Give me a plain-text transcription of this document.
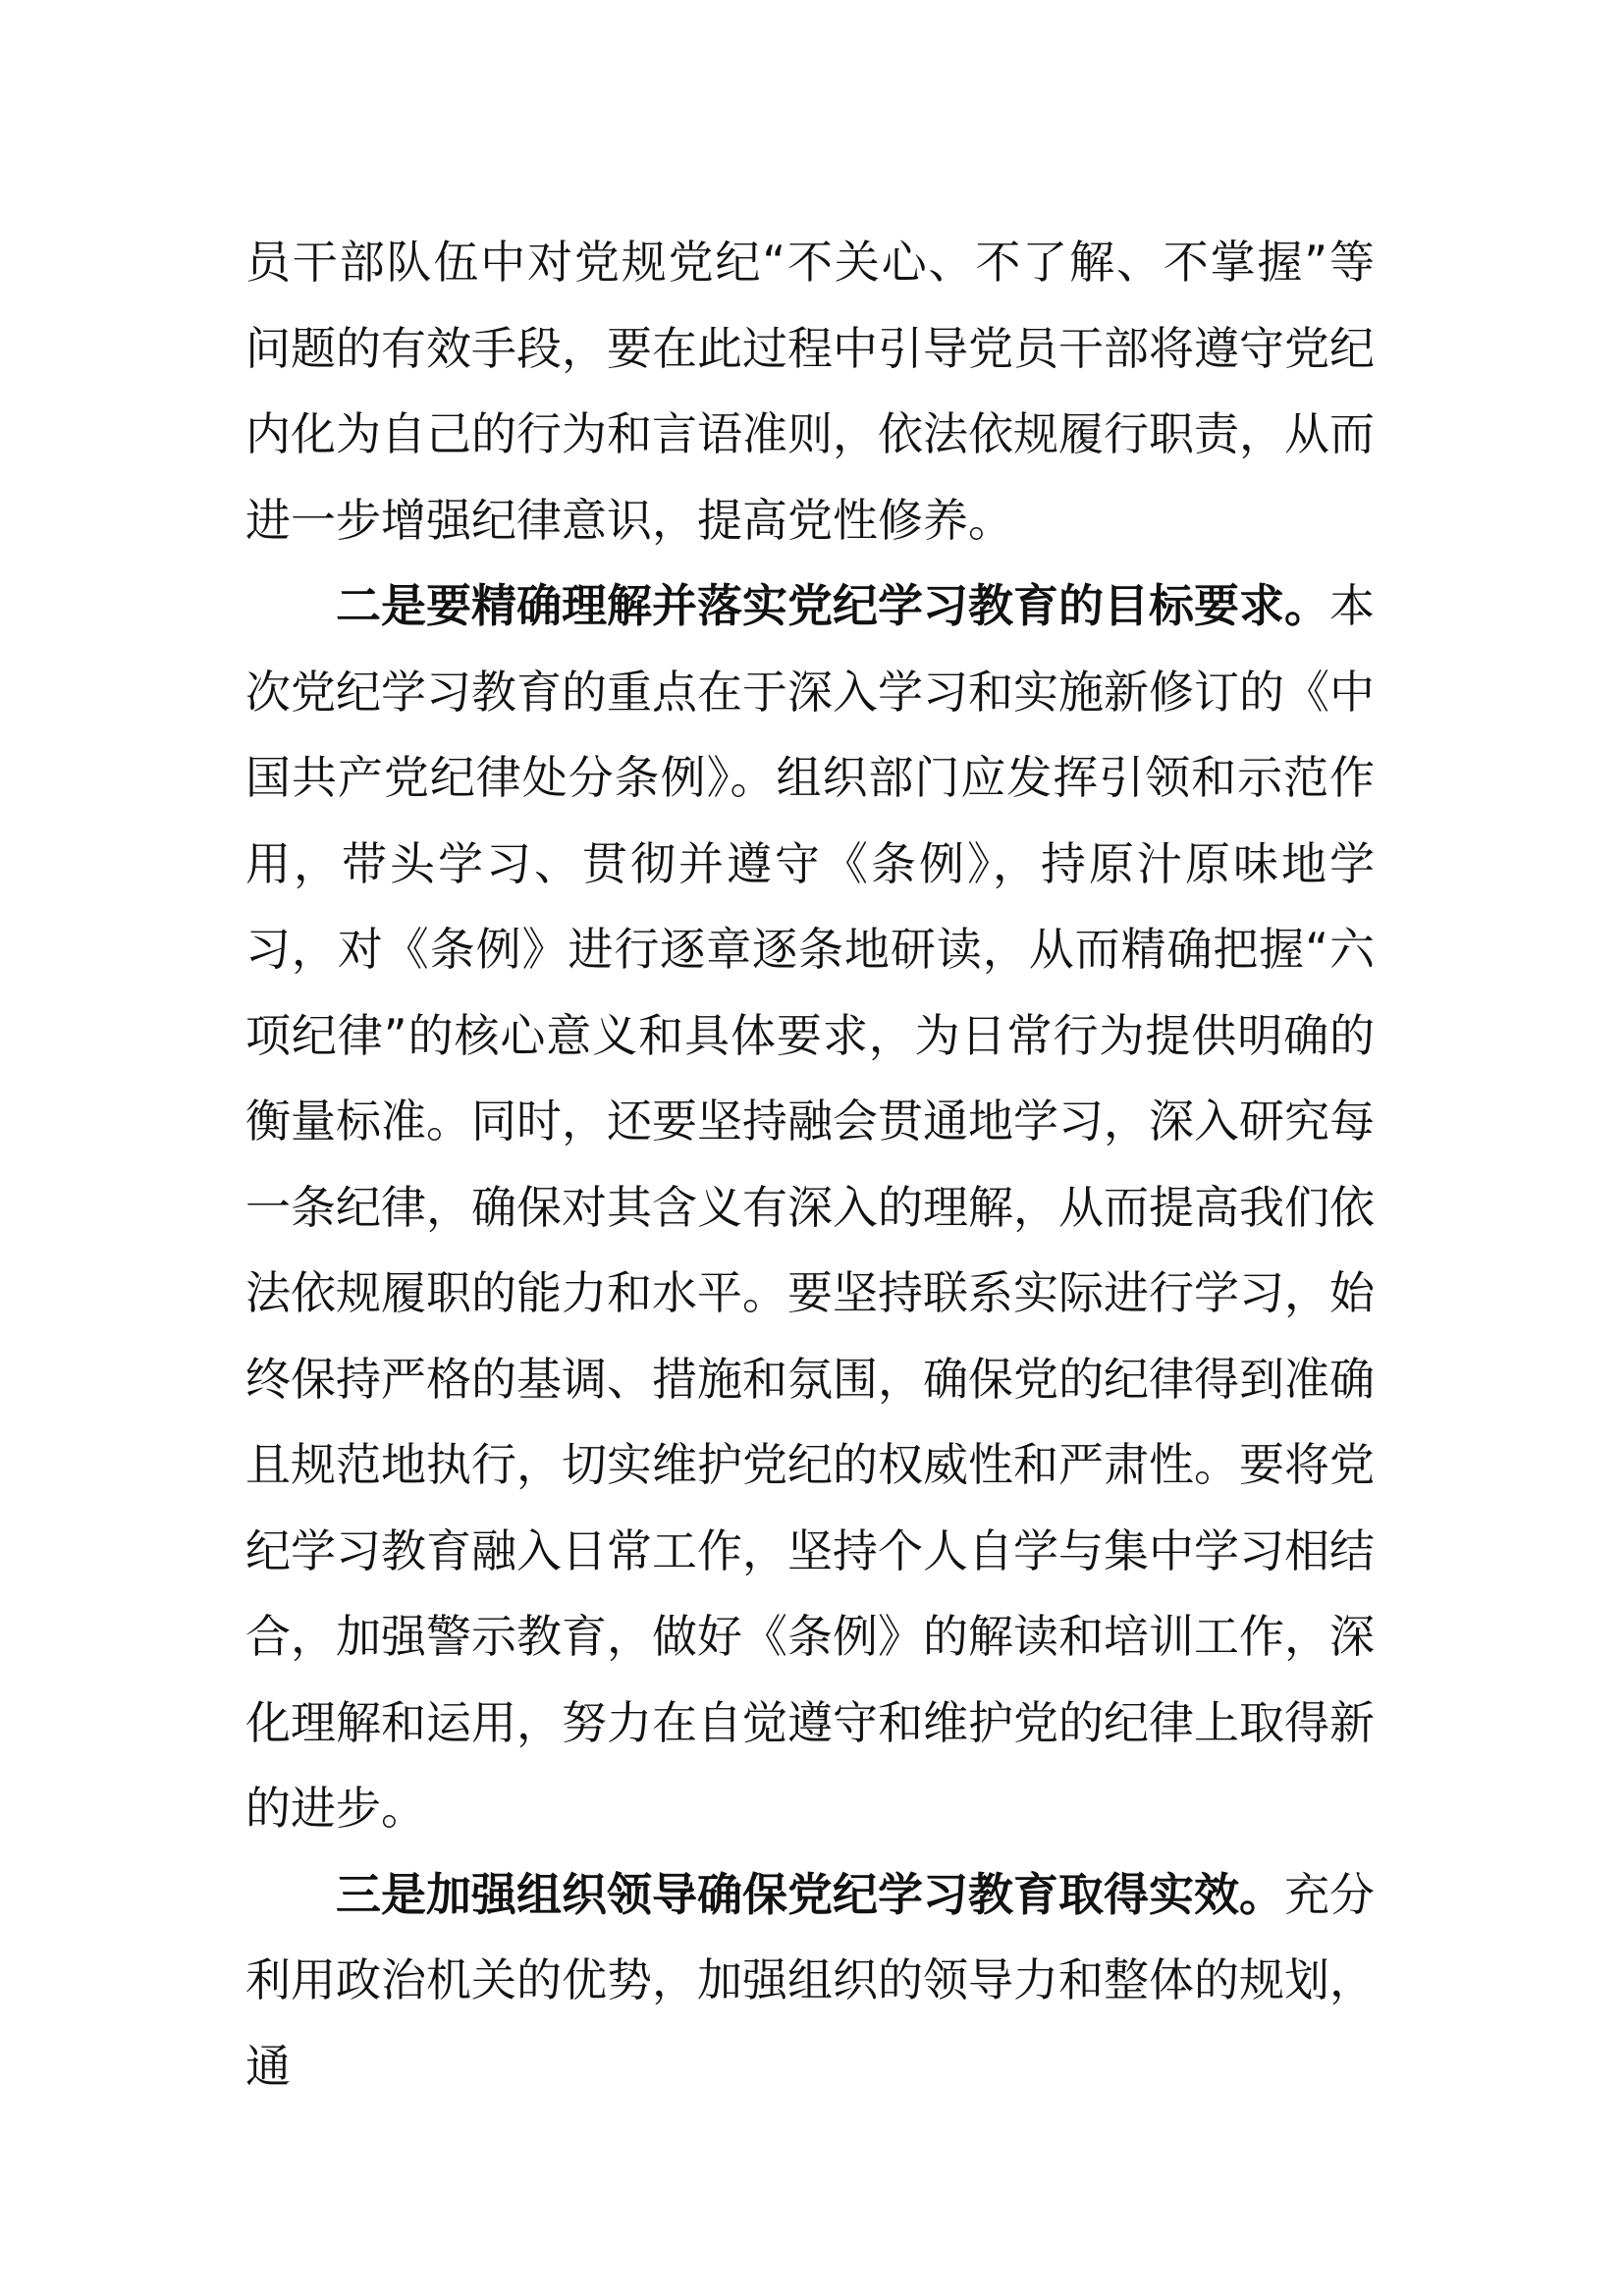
员干部队伍中对党规党纪“不关心、不了解、不掌握”等问题的有效手段，要在此过程中引导党员干部将遵守党纪内化为自己的行为和言语准则，依法依规履行职责，从而进一步增强纪律意识，提高党性修养。

二是要精确理解并落实党纪学习教育的目标要求。本次党纪学习教育的重点在于深入学习和实施新修订的《中国共产党纪律处分条例》。组织部门应发挥引领和示范作用，带头学习、贯彻并遵守《条例》，持原汁原味地学习，对《条例》进行逐章逐条地研读，从而精确把握“六项纪律”的核心意义和具体要求，为日常行为提供明确的衡量标准。同时，还要坚持融会贯通地学习，深入研究每一条纪律，确保对其含义有深入的理解，从而提高我们依法依规履职的能力和水平。要坚持联系实际进行学习，始终保持严格的基调、措施和氛围，确保党的纪律得到准确且规范地执行，切实维护党纪的权威性和严肃性。要将党纪学习教育融入日常工作，坚持个人自学与集中学习相结合，加强警示教育，做好《条例》的解读和培训工作，深化理解和运用，努力在自觉遵守和维护党的纪律上取得新的进步。

三是加强组织领导确保党纪学习教育取得实效。充分利用政治机关的优势，加强组织的领导力和整体的规划，通
